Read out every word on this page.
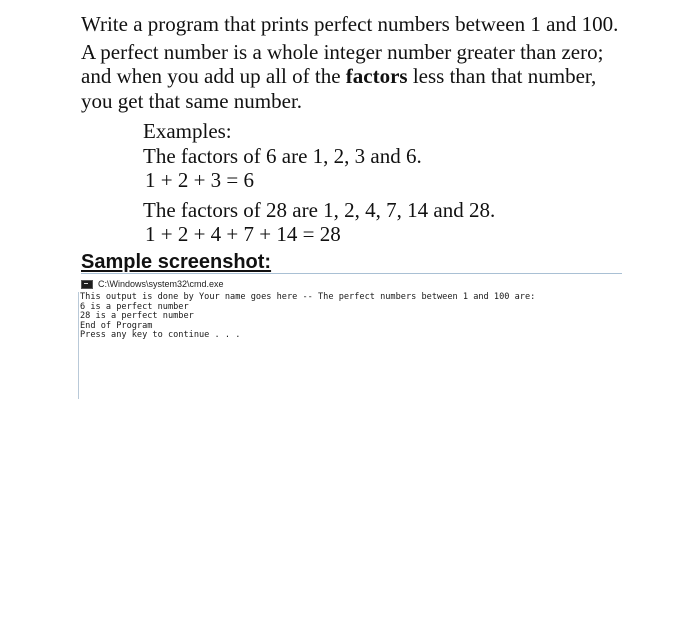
Write a program that prints perfect numbers between 1 and 100.
A perfect number is a whole integer number greater than zero;
and when you add up all of the factors less than that number,
you get that same number.
Examples:
The factors of 6 are 1, 2, 3 and 6.
1 + 2 + 3 = 6
The factors of 28 are 1, 2, 4, 7, 14 and 28.
1 + 2 + 4 + 7 + 14 = 28
Sample screenshot:
C:\Windows\system32\cmd.exe
This output is done by Your name goes here -- The perfect numbers between 1 and 100 are:
6 is a perfect number
28 is a perfect number
End of Program
Press any key to continue . . .
